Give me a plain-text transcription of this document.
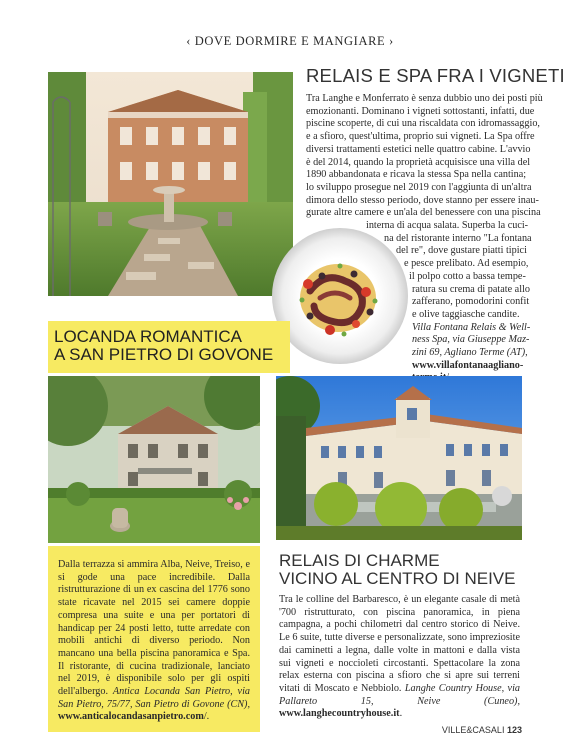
‹ DOVE DORMIRE E MANGIARE ›
RELAIS E SPA FRA I VIGNETI
Tra Langhe e Monferrato è senza dubbio uno dei posti più
emozionanti. Dominano i vigneti sottostanti, infatti, due
piscine scoperte, di cui una riscaldata con idromassaggio,
e a sfioro, quest'ultima, proprio sui vigneti. La Spa offre
diversi trattamenti estetici nelle quattro cabine. L'avvio
è del 2014, quando la proprietà acquisisce una villa del
1890 abbandonata e ricava la stessa Spa nella cantina;
lo sviluppo prosegue nel 2019 con l'aggiunta di un'altra
dimora dello stesso periodo, dove stanno per essere inau-
gurate altre camere e un'ala del benessere con una piscina
interna di acqua salata. Superba la cuci-
na del ristorante interno "La fontana
del re", dove gustare piatti tipici
e pesce prelibato. Ad esempio,
il polpo cotto a bassa tempe-
ratura su crema di patate allo
zafferano, pomodorini confit
e olive taggiasche candite.
Villa Fontana Relais & Well-
ness Spa, via Giuseppe Maz-
zini 69, Agliano Terme (AT),
www.villafontanaagliano-
LOCANDA ROMANTICA
A SAN PIETRO DI GOVONE
Dalla terrazza si ammira Alba, Neive, Treiso, e si gode una pace incredibile. Dalla ristrutturazione di un ex cascina del 1776 sono state ricavate nel 2015 sei camere doppie compresa una suite e una per portatori di handicap per 24 posti letto, tutte arredate con mobili antichi di diverso periodo. Non mancano una bella piscina panoramica e Spa. Il ristorante, di cucina tradizionale, lanciato nel 2019, è disponibile solo per gli ospiti dell'albergo. Antica Locanda San Pietro, via San Pietro, 75/77, San Pietro di Govone (CN), www.anticalocandasanpietro.com/.
RELAIS DI CHARME
VICINO AL CENTRO DI NEIVE
Tra le colline del Barbaresco, è un elegante casale di metà '700 ristrutturato, con piscina panoramica, in piena campagna, a pochi chilometri dal centro storico di Neive. Le 6 suite, tutte diverse e personalizzate, sono impreziosite dai caminetti a legna, dalle volte in mattoni e dalla vista sui vigneti e noccioleti circostanti. Spettacolare la zona relax esterna con piscina a sfioro che si apre sui terreni vitati di Moscato e Nebbiolo. Langhe Country House, via Pallareto 15, Neive (Cuneo), www.langhecountryhouse.it.
VILLE&CASALI 123
